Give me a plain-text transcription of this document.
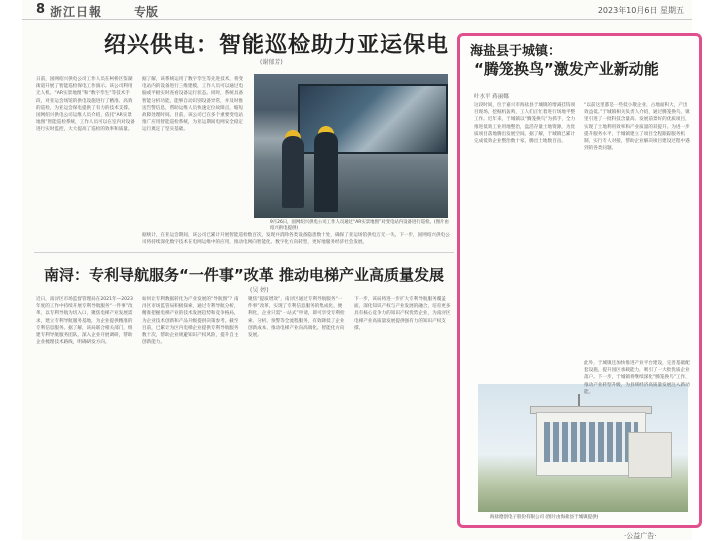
8 浙江日報	专版	2023年10月6日 星期五
绍兴供电：智能巡检助力亚运保电
(谢郁芳)
日前，国网绍兴供电公司工作人员在柯桥区鉴湖街道开展了智能巡检保电工作演示。该公司利用无人机、“AR实景地图”和“数字孪生”等技术手段，对亚运会场馆的供电设施进行了精准、高效的巡检，为亚运会保电提供了有力的技术支撑。国网绍兴供电公司运维人员介绍，依托“AR实景地图”智能巡检系统，工作人员可以在室内对设备进行实时监控，大大提高了巡检的效率和质量。
据了解，该系统运用了数字孪生等先进技术，将变电站内的设备进行三维建模，工作人员可以通过电脑或平板实时查看设备运行状态。同时，系统具备智能分析功能，能够自动识别设备异常，并及时推送告警信息，帮助运维人员快速定位故障点，缩短故障处理时间。目前，该公司已在多个重要变电站推广应用智能巡检系统，为亚运期间电网安全稳定运行奠定了坚实基础。
9月26日，国网绍兴供电公司工作人员通过“AR实景地图”对变电站内设备进行巡检。(图片由绍兴供电提供)
据统计，在亚运会期间，该公司已累计开展智能巡检数百次，发现并消除各类设备隐患数十处，确保了亚运场馆供电万无一失。下一步，国网绍兴供电公司将持续深化数字技术在电网运维中的应用，推动电网向智能化、数字化方向转型，更好地服务经济社会发展。
南浔：专利导航服务“一件事”改革 推动电梯产业高质量发展
(吴 婷)
近日，南浔区市场监督管理局在2021年—2023年度的工作中持续开展专利导航服务“一件事”改革，以专利导航为切入口，聚焦电梯产业发展需求，建立专利导航服务基地，为企业提供精准的专利信息服务。据了解，该局联合相关部门，组建专利导航服务团队，深入企业开展调研，帮助企业梳理技术路线，明确研发方向。
如何让专利数据转化为产业发展的“导航图”？南浔区市场监管局积极探索，通过专利导航分析，精准把握电梯产业的技术发展趋势和竞争格局，为企业技术创新和产品升级提供决策参考。截至目前，已累计为区内电梯企业提供专利导航服务数十次，帮助企业规避知识产权风险，提升自主创新能力。
聚焦“提质增效”，南浔区通过专利导航服务“一件事”改革，实现了专利信息服务的集成化、便利化，企业只需“一站式”申请，即可享受专利检索、分析、预警等全流程服务，有效降低了企业创新成本，推动电梯产业向高端化、智能化方向发展。
下一步，该局将进一步扩大专利导航服务覆盖面，深化知识产权与产业发展的融合，培育更多具有核心竞争力的知识产权优势企业，为南浔区电梯产业高质量发展提供强有力的知识产权支撑。
海盐县于城镇：
“腾笼换鸟”激发产业新动能
叶水平 蒋丽娜
这段时间，位于嘉兴市海盐县于城镇的增减挂钩项目现场，挖掘机轰鸣，工人们正忙着进行场地平整工作。近年来，于城镇以“腾笼换鸟”为抓手，全力推进低效工业用地整治，盘活存量土地资源，为优质项目落地腾出发展空间。据了解，于城镇已累计完成低效企业整治数十家，腾出土地数百亩。
“以前这里都是一些低小散企业，占地面积大，产出效益低。”于城镇相关负责人介绍，通过腾笼换鸟，镇里引进了一批科技含量高、发展前景好的优质项目，实现了土地利用效率和产业质量的双提升。为进一步提升服务水平，于城镇建立了项目全程跟踪服务机制，实行专人对接，帮助企业解决项目建设过程中遇到的各类问题。
海盐德创电子股份有限公司 (图片由海盐县于城镇提供)
此外，于城镇还加快推进产业平台建设，完善基础配套设施，提升园区承载能力，吸引了一大批优质企业落户。下一步，于城镇将继续深化“腾笼换鸟”工作，推动产业转型升级，为县域经济高质量发展注入新动能。
·公益广告·
